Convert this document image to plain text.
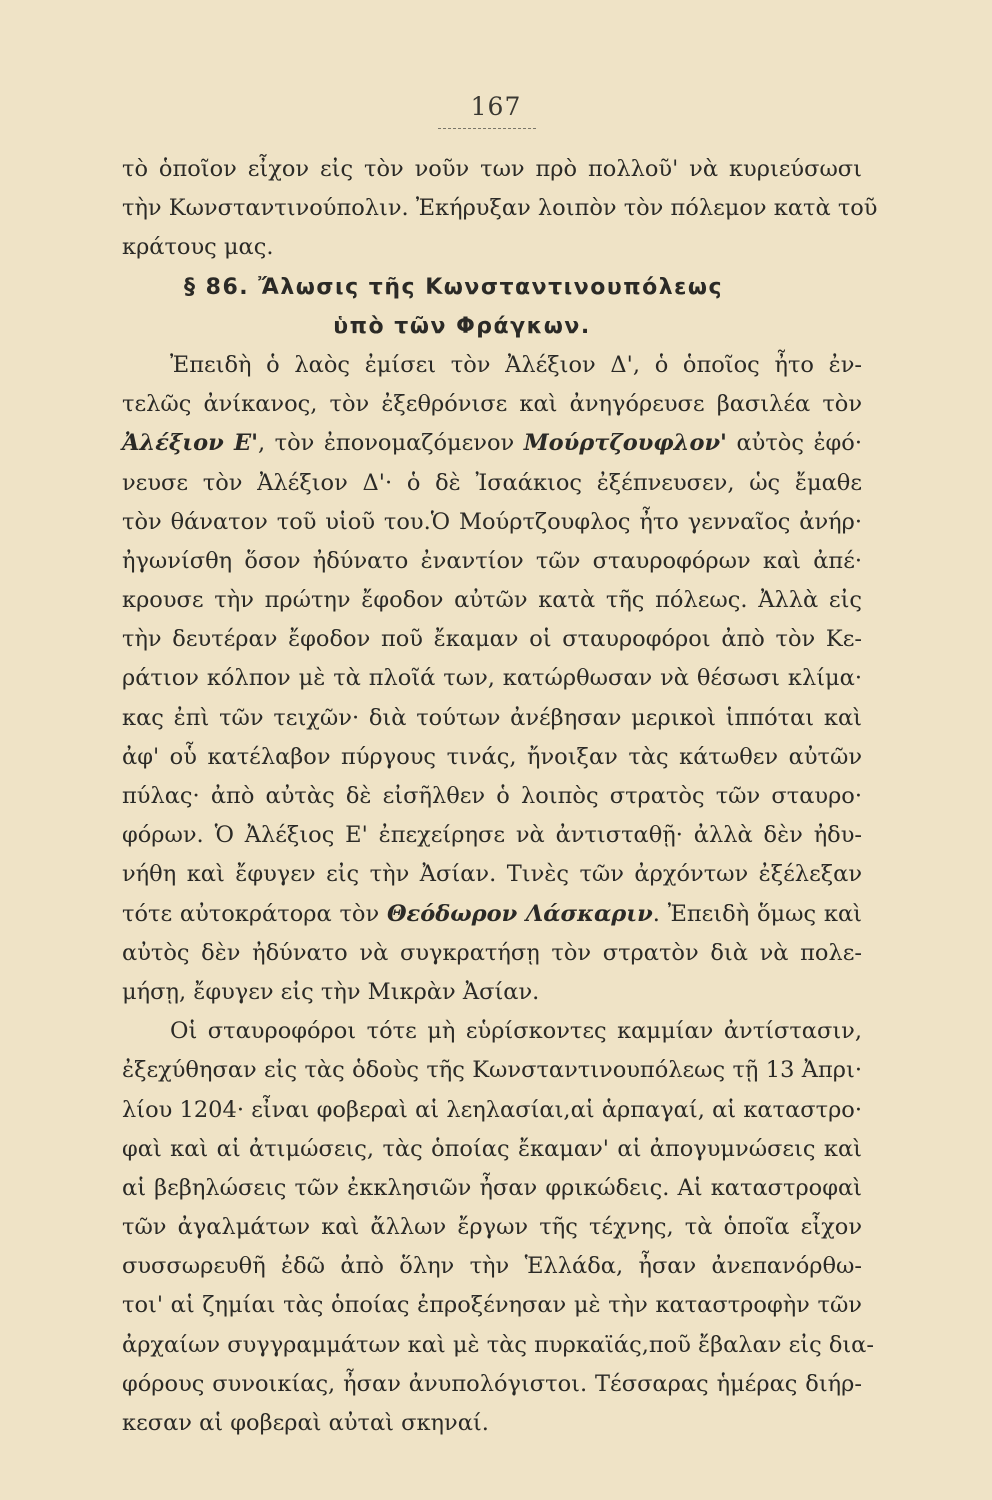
167
τὸ ὁποῖον εἶχον εἰς τὸν νοῦν των πρὸ πολλοῦ' νὰ κυριεύσωσι
τὴν Κωνσταντινούπολιν. Ἐκήρυξαν λοιπὸν τὸν πόλεμον κατὰ τοῦ
κράτους μας.
§ 86. Ἄλωσις τῆς Κωνσταντινουπόλεως
ὑπὸ τῶν Φράγκων.
Ἐπειδὴ ὁ λαὸς ἐμίσει τὸν Ἀλέξιον Δ', ὁ ὁποῖος ἦτο ἐν-
τελῶς ἀνίκανος, τὸν ἐξεθρόνισε καὶ ἀνηγόρευσε βασιλέα τὸν
Ἀλέξιον Ε', τὸν ἐπονομαζόμενον Μούρτζουφλον' αὐτὸς ἐφό·
νευσε τὸν Ἀλέξιον Δ'· ὁ δὲ Ἰσαάκιος ἐξέπνευσεν, ὡς ἔμαθε
τὸν θάνατον τοῦ υἱοῦ του.Ὁ Μούρτζουφλος ἦτο γενναῖος ἀνήρ·
ἠγωνίσθη ὅσον ἠδύνατο ἐναντίον τῶν σταυροφόρων καὶ ἀπέ·
κρουσε τὴν πρώτην ἔφοδον αὐτῶν κατὰ τῆς πόλεως. Ἀλλὰ εἰς
τὴν δευτέραν ἔφοδον ποῦ ἔκαμαν οἱ σταυροφόροι ἀπὸ τὸν Κε-
ράτιον κόλπον μὲ τὰ πλοῖά των, κατώρθωσαν νὰ θέσωσι κλίμα·
κας ἐπὶ τῶν τειχῶν· διὰ τούτων ἀνέβησαν μερικοὶ ἱππόται καὶ
ἀφ' οὗ κατέλαβον πύργους τινάς, ἤνοιξαν τὰς κάτωθεν αὐτῶν
πύλας· ἀπὸ αὐτὰς δὲ εἰσῆλθεν ὁ λοιπὸς στρατὸς τῶν σταυρο·
φόρων. Ὁ Ἀλέξιος Ε' ἐπεχείρησε νὰ ἀντισταθῇ· ἀλλὰ δὲν ἠδυ-
νήθη καὶ ἔφυγεν εἰς τὴν Ἀσίαν. Τινὲς τῶν ἀρχόντων ἐξέλεξαν
τότε αὐτοκράτορα τὸν Θεόδωρον Λάσκαριν. Ἐπειδὴ ὅμως καὶ
αὐτὸς δὲν ἠδύνατο νὰ συγκρατήσῃ τὸν στρατὸν διὰ νὰ πολε-
μήσῃ, ἔφυγεν εἰς τὴν Μικρὰν Ἀσίαν.
Οἱ σταυροφόροι τότε μὴ εὑρίσκοντες καμμίαν ἀντίστασιν,
ἐξεχύθησαν εἰς τὰς ὁδοὺς τῆς Κωνσταντινουπόλεως τῇ 13 Ἀπρι·
λίου 1204· εἶναι φοβεραὶ αἱ λεηλασίαι,αἱ ἁρπαγαί, αἱ καταστρο·
φαὶ καὶ αἱ ἀτιμώσεις, τὰς ὁποίας ἔκαμαν' αἱ ἀπογυμνώσεις καὶ
αἱ βεβηλώσεις τῶν ἐκκλησιῶν ἦσαν φρικώδεις. Αἱ καταστροφαὶ
τῶν ἀγαλμάτων καὶ ἄλλων ἔργων τῆς τέχνης, τὰ ὁποῖα εἶχον
συσσωρευθῆ ἐδῶ ἀπὸ ὅλην τὴν Ἑλλάδα, ἦσαν ἀνεπανόρθω-
τοι' αἱ ζημίαι τὰς ὁποίας ἐπροξένησαν μὲ τὴν καταστροφὴν τῶν
ἀρχαίων συγγραμμάτων καὶ μὲ τὰς πυρκαϊάς,ποῦ ἔβαλαν εἰς δια-
φόρους συνοικίας, ἦσαν ἀνυπολόγιστοι. Τέσσαρας ἡμέρας διήρ-
κεσαν αἱ φοβεραὶ αὐταὶ σκηναί.
